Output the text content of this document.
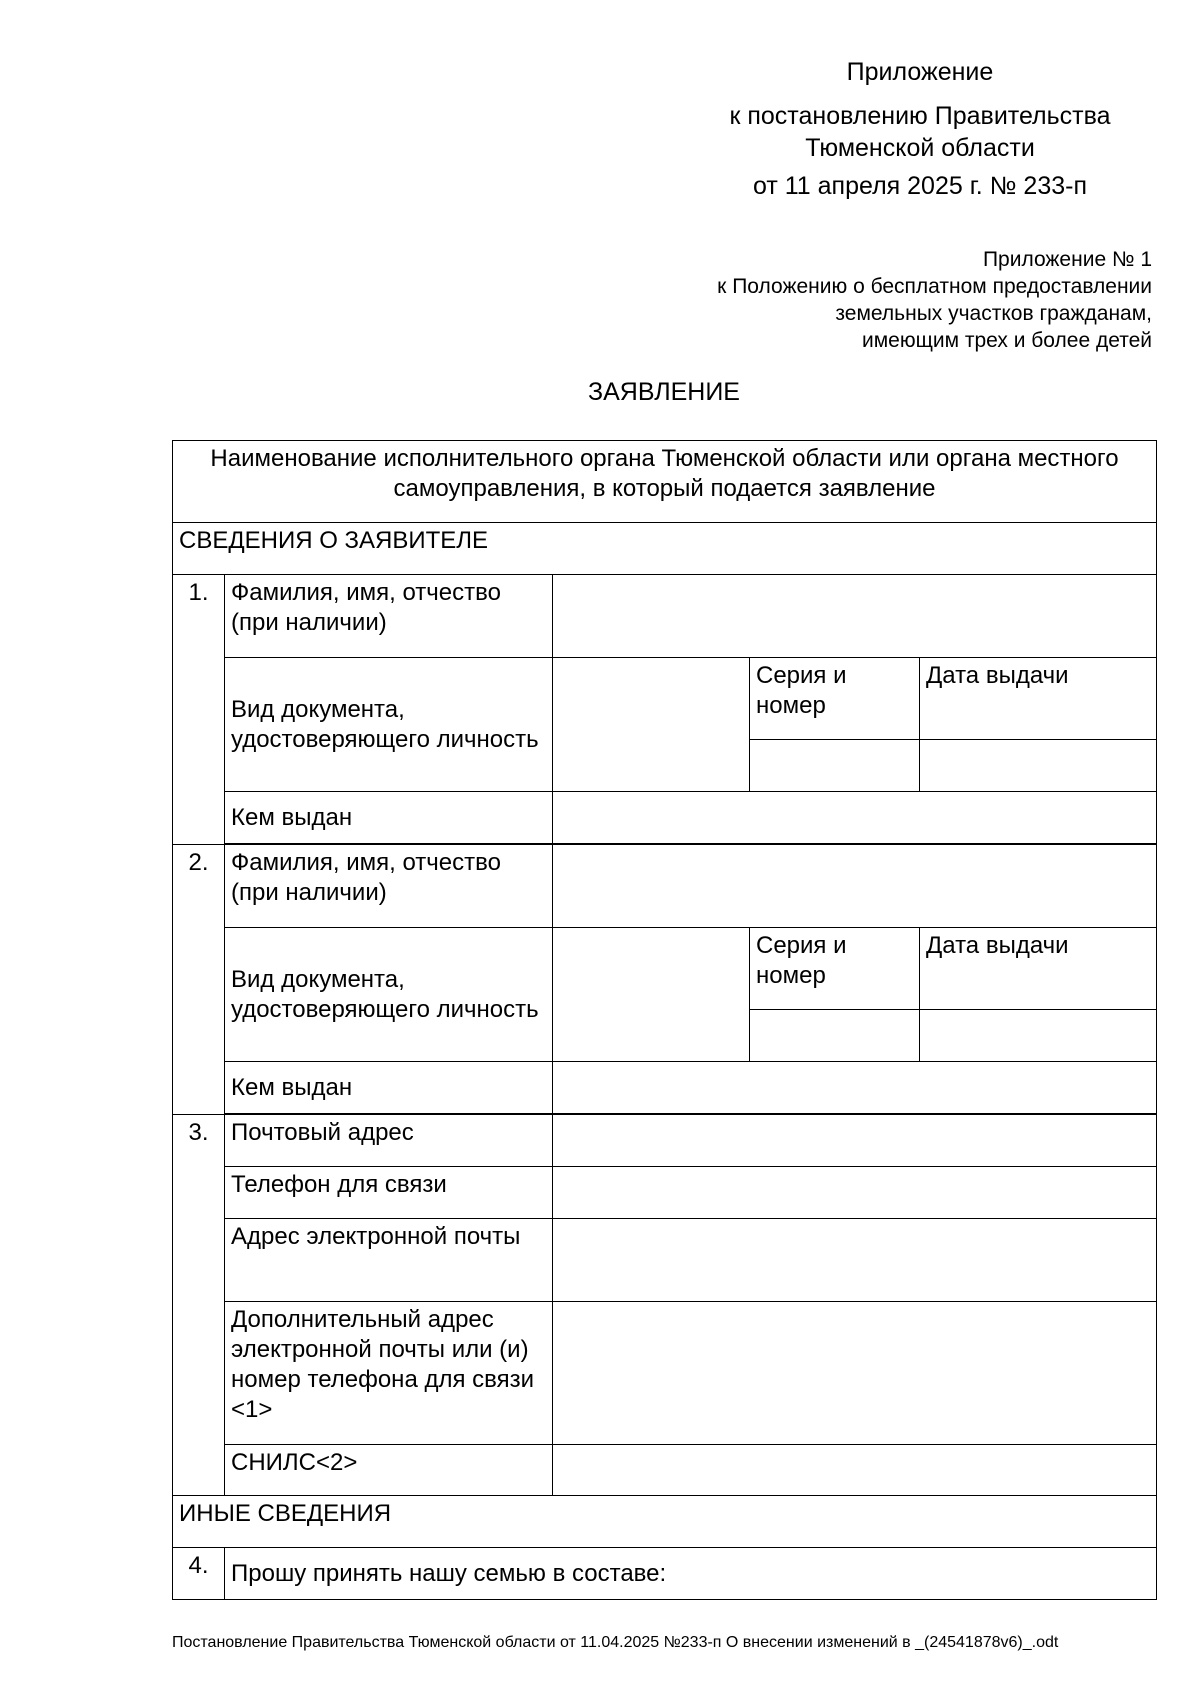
Приложение
к постановлению Правительства Тюменской области
от 11 апреля 2025 г. № 233-п
Приложение № 1
к Положению о бесплатном предоставлении
земельных участков гражданам,
имеющим трех и более детей
ЗАЯВЛЕНИЕ
Наименование исполнительного органа Тюменской области или органа местного самоуправления, в который подается заявление				
СВЕДЕНИЯ О ЗАЯВИТЕЛЕ				
1.	Фамилия, имя, отчество (при наличии)			
	Вид документа, удостоверяющего личность		Серия и номер	Дата выдачи

	Кем выдан			

2.	Фамилия, имя, отчество (при наличии)			
	Вид документа, удостоверяющего личность		Серия и номер	Дата выдачи

	Кем выдан			

3.	Почтовый адрес			
	Телефон для связи			
	Адрес электронной почты			
	Дополнительный адрес электронной почты или (и) номер телефона для связи <1>			
	СНИЛС<2>			
ИНЫЕ СВЕДЕНИЯ				
4.	Прошу принять нашу семью в составе:			
Постановление Правительства Тюменской области от 11.04.2025 №233-п О внесении изменений в _(24541878v6)_.odt
